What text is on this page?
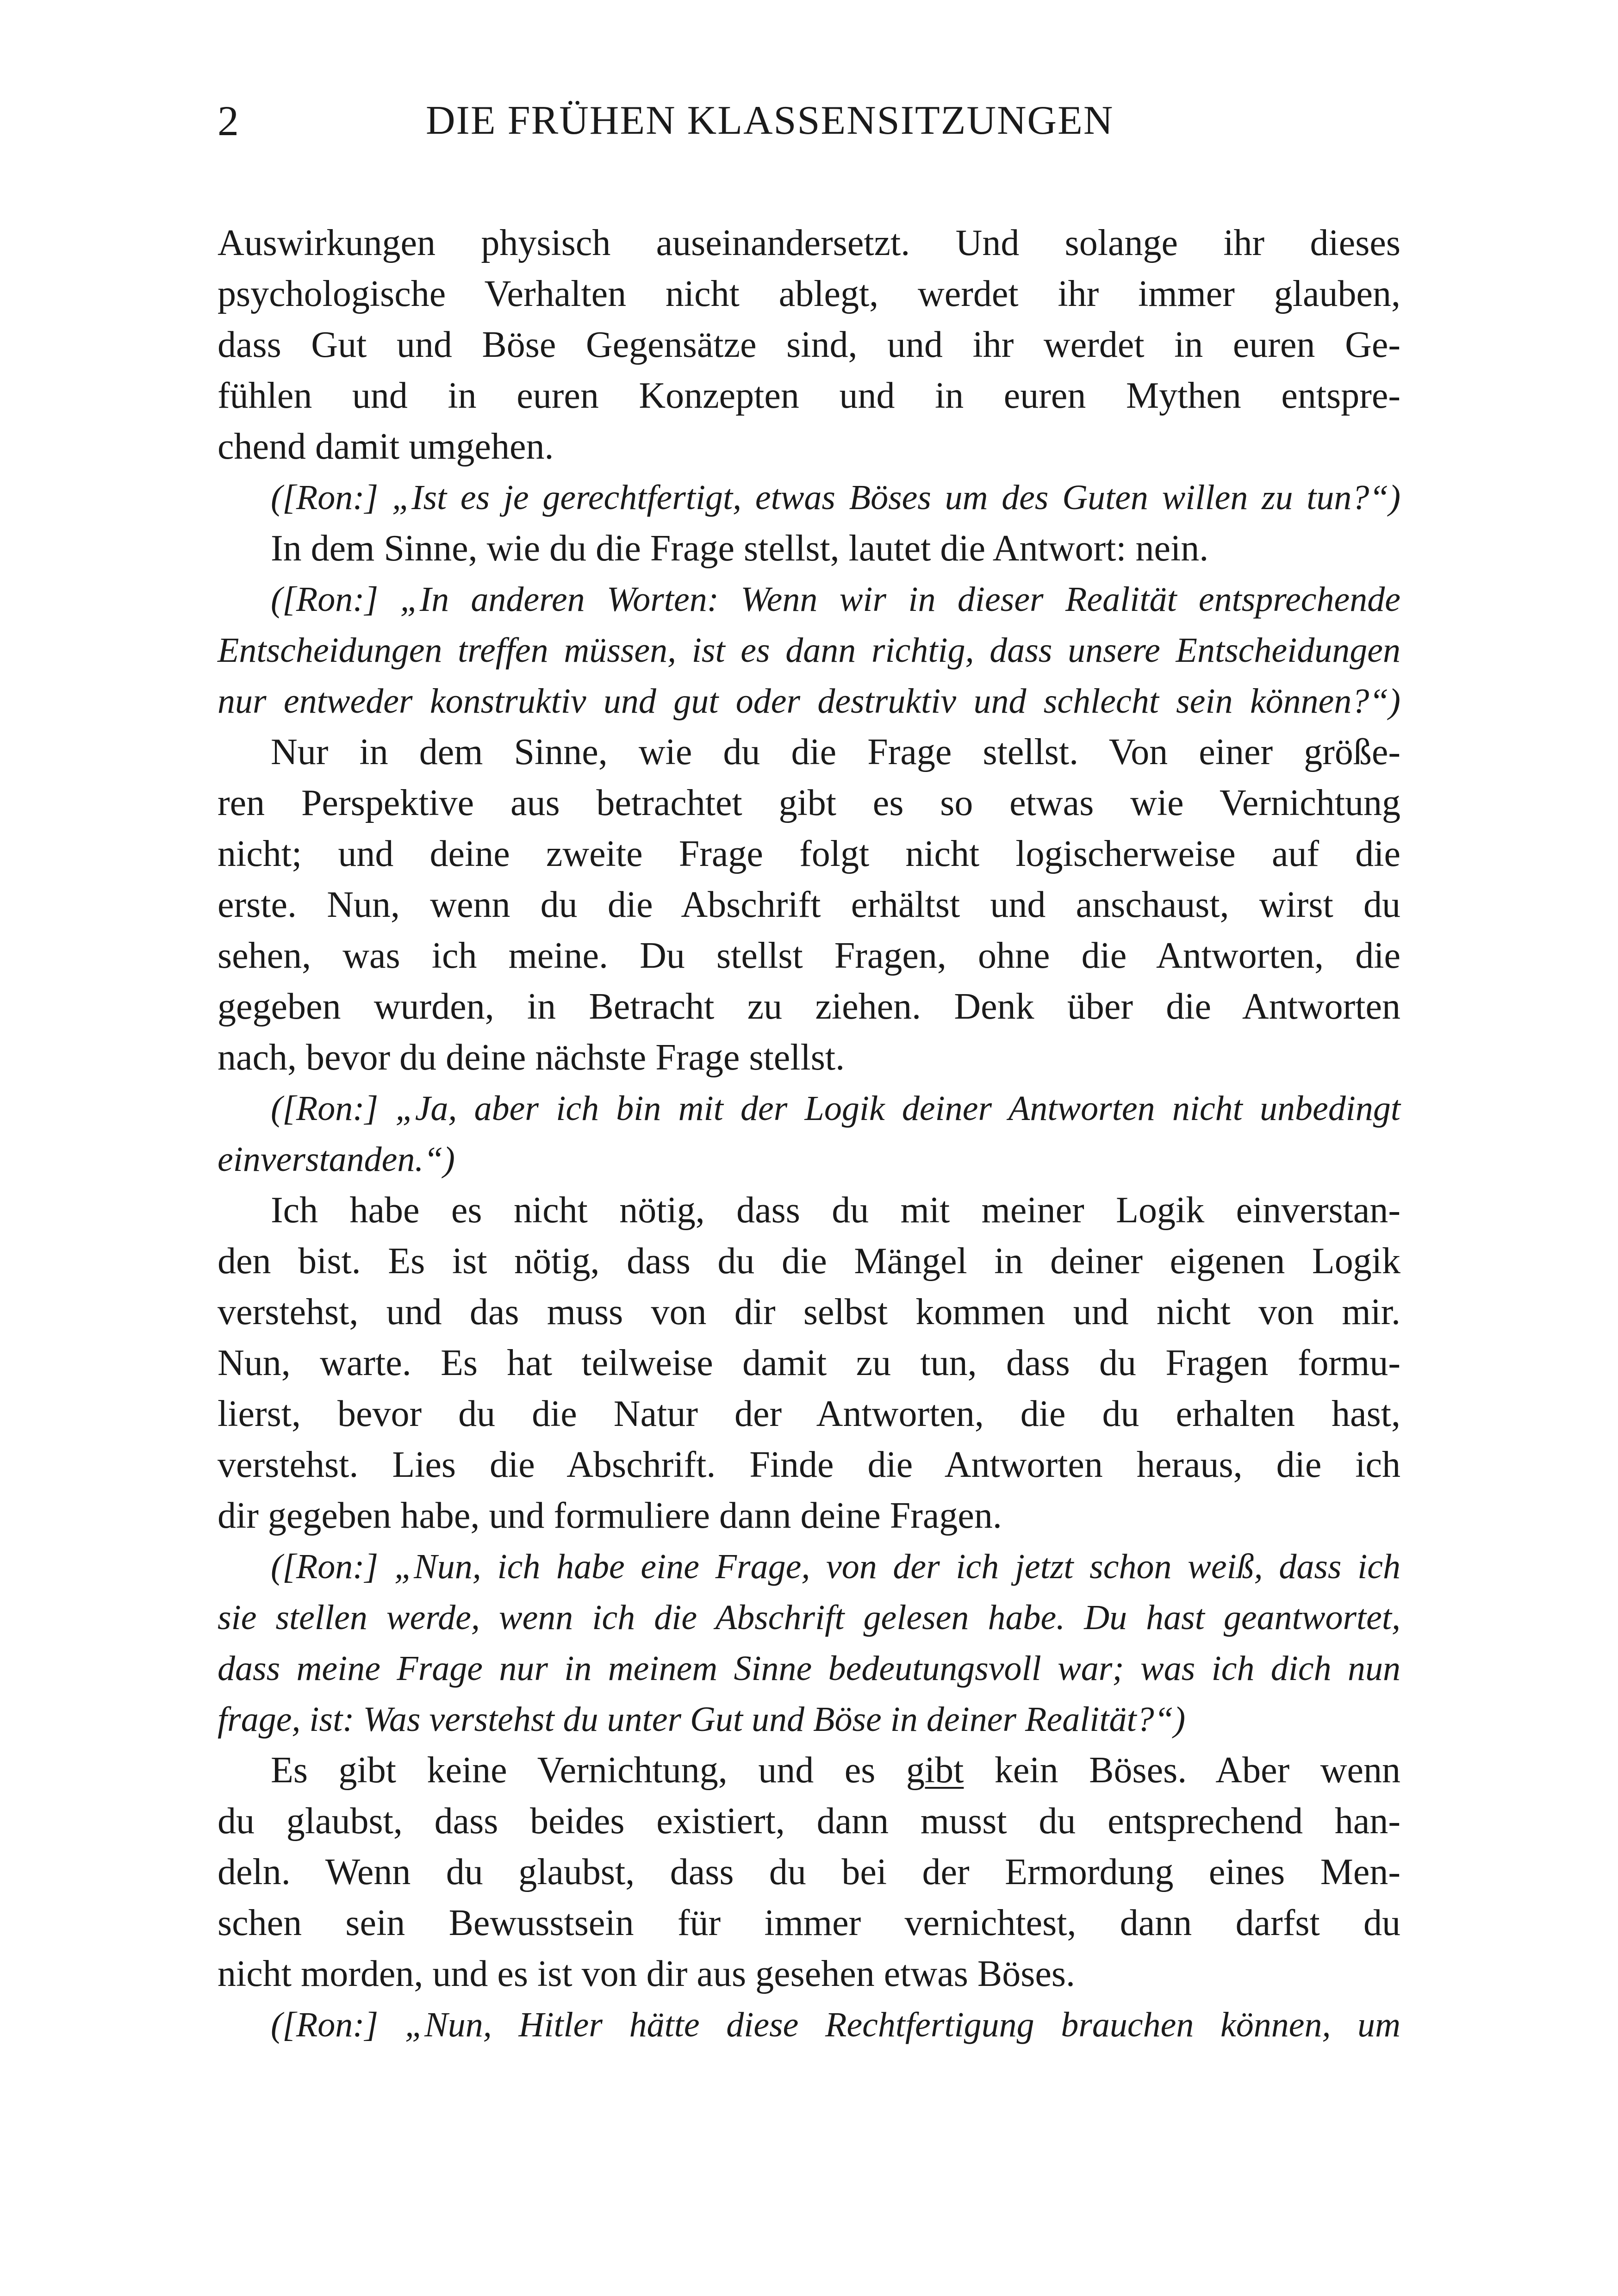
2	DIE FRÜHEN KLASSENSITZUNGEN
Auswirkungen physisch auseinandersetzt. Und solange ihr dieses
psychologische Verhalten nicht ablegt, werdet ihr immer glauben,
dass Gut und Böse Gegensätze sind, und ihr werdet in euren Ge-
fühlen und in euren Konzepten und in euren Mythen entspre-
chend damit umgehen.
([Ron:] „Ist es je gerechtfertigt, etwas Böses um des Guten willen zu tun?“)
In dem Sinne, wie du die Frage stellst, lautet die Antwort: nein.
([Ron:] „In anderen Worten: Wenn wir in dieser Realität entsprechende
Entscheidungen treffen müssen, ist es dann richtig, dass unsere Entscheidungen
nur entweder konstruktiv und gut oder destruktiv und schlecht sein können?“)
Nur in dem Sinne, wie du die Frage stellst. Von einer größe-
ren Perspektive aus betrachtet gibt es so etwas wie Vernichtung
nicht; und deine zweite Frage folgt nicht logischerweise auf die
erste. Nun, wenn du die Abschrift erhältst und anschaust, wirst du
sehen, was ich meine. Du stellst Fragen, ohne die Antworten, die
gegeben wurden, in Betracht zu ziehen. Denk über die Antworten
nach, bevor du deine nächste Frage stellst.
([Ron:] „Ja, aber ich bin mit der Logik deiner Antworten nicht unbedingt
einverstanden.“)
Ich habe es nicht nötig, dass du mit meiner Logik einverstan-
den bist. Es ist nötig, dass du die Mängel in deiner eigenen Logik
verstehst, und das muss von dir selbst kommen und nicht von mir.
Nun, warte. Es hat teilweise damit zu tun, dass du Fragen formu-
lierst, bevor du die Natur der Antworten, die du erhalten hast,
verstehst. Lies die Abschrift. Finde die Antworten heraus, die ich
dir gegeben habe, und formuliere dann deine Fragen.
([Ron:] „Nun, ich habe eine Frage, von der ich jetzt schon weiß, dass ich
sie stellen werde, wenn ich die Abschrift gelesen habe. Du hast geantwortet,
dass meine Frage nur in meinem Sinne bedeutungsvoll war; was ich dich nun
frage, ist: Was verstehst du unter Gut und Böse in deiner Realität?“)
Es gibt keine Vernichtung, und es gibt kein Böses. Aber wenn
du glaubst, dass beides existiert, dann musst du entsprechend han-
deln. Wenn du glaubst, dass du bei der Ermordung eines Men-
schen sein Bewusstsein für immer vernichtest, dann darfst du
nicht morden, und es ist von dir aus gesehen etwas Böses.
([Ron:] „Nun, Hitler hätte diese Rechtfertigung brauchen können, um
